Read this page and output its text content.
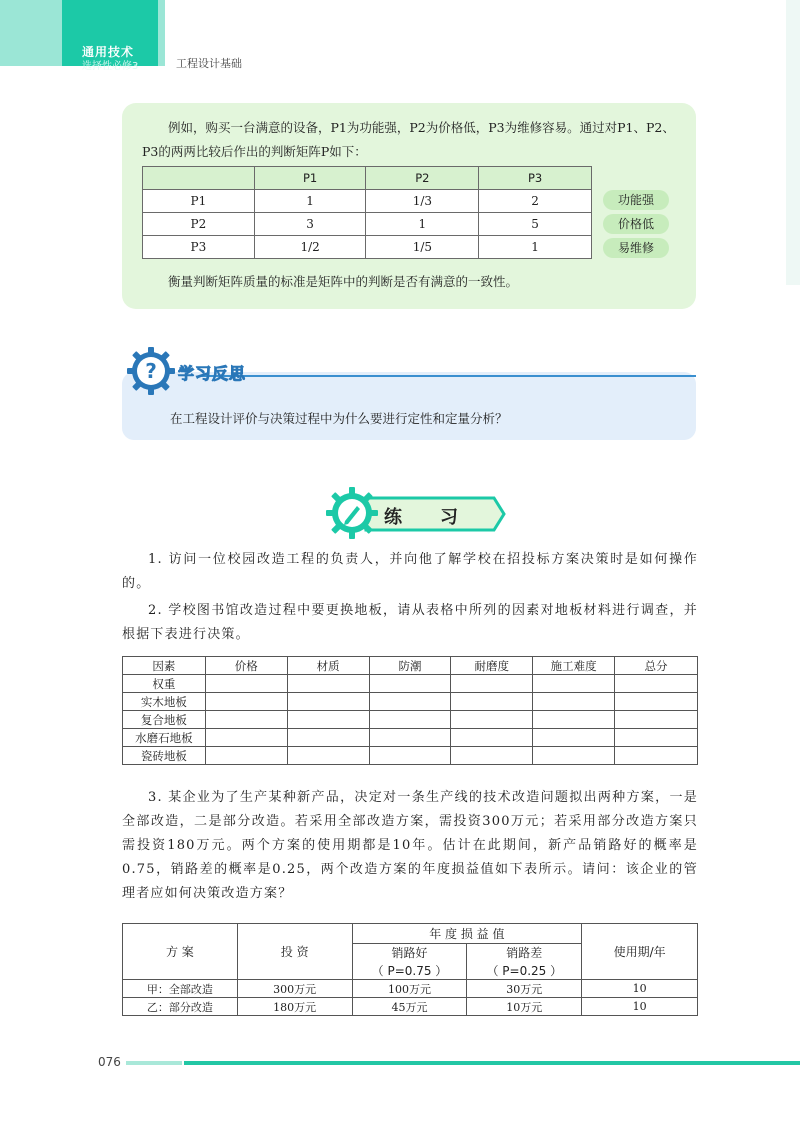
通用技术
选择性必修3	工程设计基础
例如，购买一台满意的设备，P1为功能强，P2为价格低，P3为维修容易。通过对P1、P2、P3的两两比较后作出的判断矩阵P如下：
	P1	P2	P3
P1	1	1/3	2
P2	3	1	5
P3	1/2	1/5	1
功能强
价格低
易维修
衡量判断矩阵质量的标准是矩阵中的判断是否有满意的一致性。
? 学习反思
在工程设计评价与决策过程中为什么要进行定性和定量分析？
练习
1. 访问一位校园改造工程的负责人，并向他了解学校在招投标方案决策时是如何操作的。
2. 学校图书馆改造过程中要更换地板，请从表格中所列的因素对地板材料进行调查，并根据下表进行决策。
因素	价格	材质	防潮	耐磨度	施工难度	总分
权重						
实木地板						
复合地板						
水磨石地板						
瓷砖地板						
3. 某企业为了生产某种新产品，决定对一条生产线的技术改造问题拟出两种方案，一是全部改造，二是部分改造。若采用全部改造方案，需投资300万元；若采用部分改造方案只需投资180万元。两个方案的使用期都是10年。估计在此期间，新产品销路好的概率是0.75，销路差的概率是0.25，两个改造方案的年度损益值如下表所示。请问：该企业的管理者应如何决策改造方案？
方 案	投 资	年 度 损 益 值		使用期/年
		销路好	销路差	
		（ P=0.75 ）	（ P=0.25 ）	
甲：全部改造	300万元	100万元	30万元	10
乙：部分改造	180万元	45万元	10万元	10
076
